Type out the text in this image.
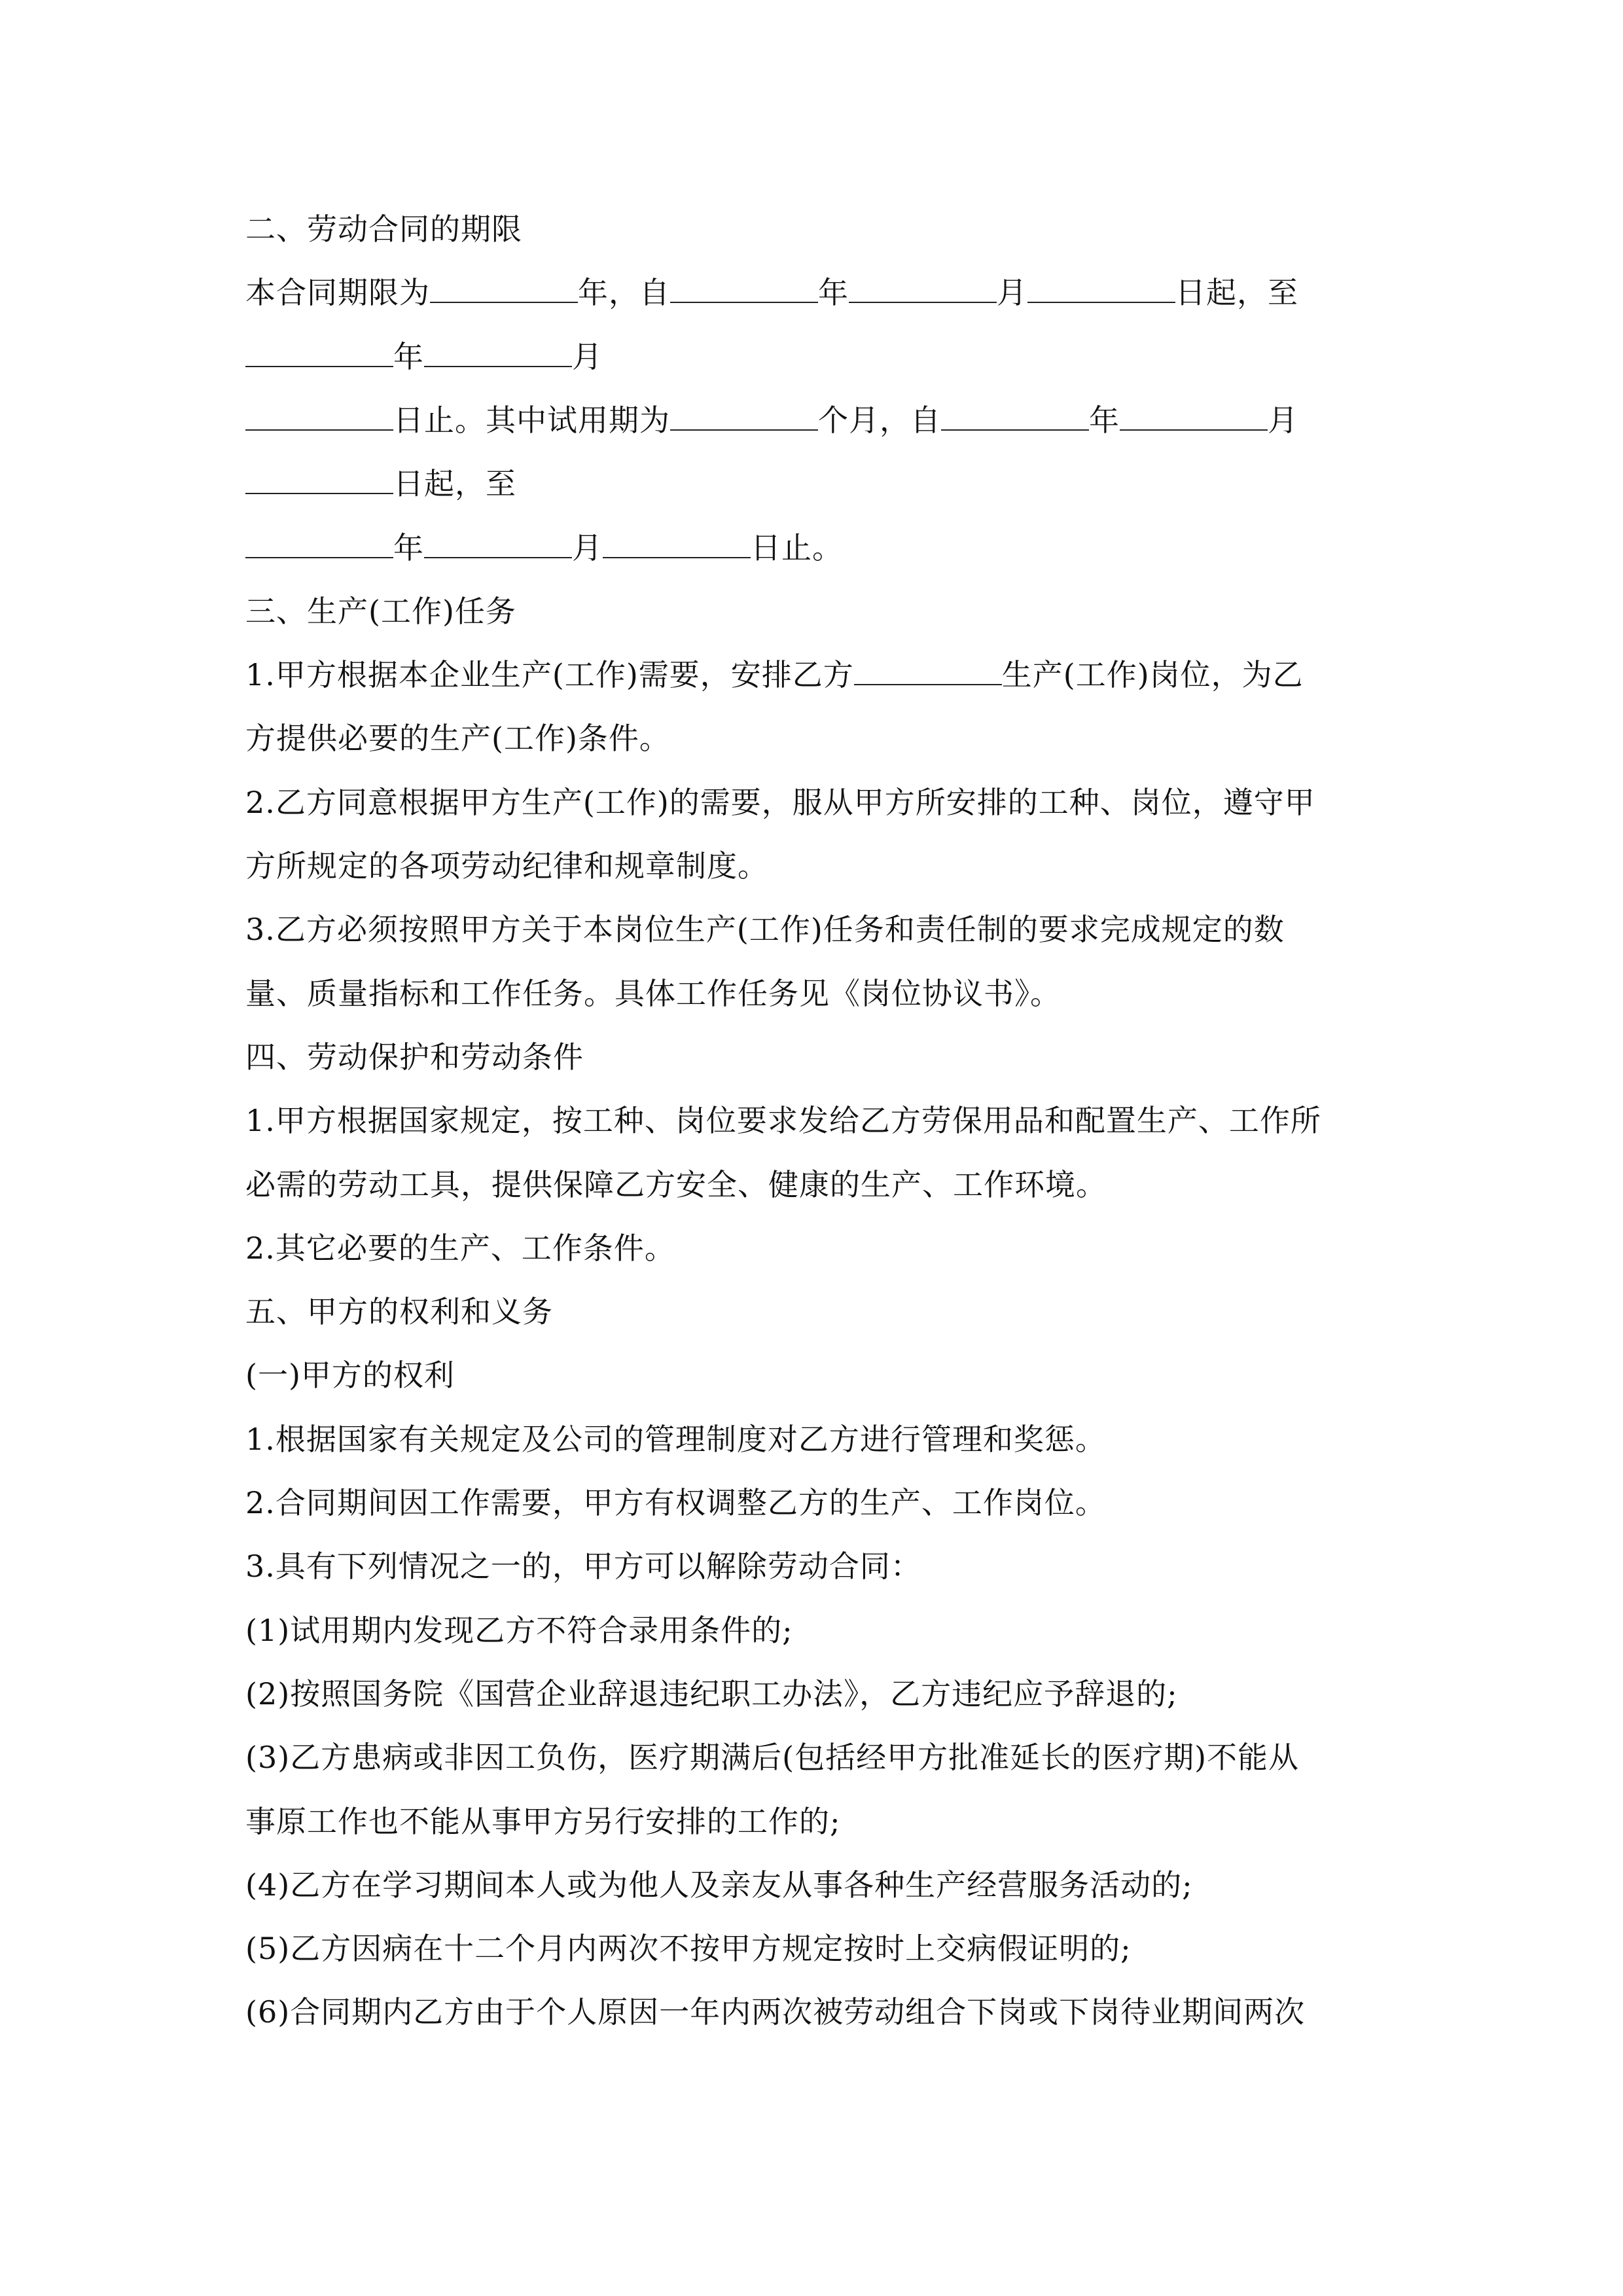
二、劳动合同的期限
本合同期限为	年，自	年	月	日起，至
年	月
日止。其中试用期为	个月，自	年	月
日起，至
年	月	日止。
三、生产(工作)任务
1.甲方根据本企业生产(工作)需要，安排乙方	生产(工作)岗位，为乙
方提供必要的生产(工作)条件。
2.乙方同意根据甲方生产(工作)的需要，服从甲方所安排的工种、岗位，遵守甲
方所规定的各项劳动纪律和规章制度。
3.乙方必须按照甲方关于本岗位生产(工作)任务和责任制的要求完成规定的数
量、质量指标和工作任务。具体工作任务见《岗位协议书》。
四、劳动保护和劳动条件
1.甲方根据国家规定，按工种、岗位要求发给乙方劳保用品和配置生产、工作所
必需的劳动工具，提供保障乙方安全、健康的生产、工作环境。
2.其它必要的生产、工作条件。
五、甲方的权利和义务
(一)甲方的权利
1.根据国家有关规定及公司的管理制度对乙方进行管理和奖惩。
2.合同期间因工作需要，甲方有权调整乙方的生产、工作岗位。
3.具有下列情况之一的，甲方可以解除劳动合同：
(1)试用期内发现乙方不符合录用条件的;
(2)按照国务院《国营企业辞退违纪职工办法》，乙方违纪应予辞退的;
(3)乙方患病或非因工负伤，医疗期满后(包括经甲方批准延长的医疗期)不能从
事原工作也不能从事甲方另行安排的工作的;
(4)乙方在学习期间本人或为他人及亲友从事各种生产经营服务活动的;
(5)乙方因病在十二个月内两次不按甲方规定按时上交病假证明的;
(6)合同期内乙方由于个人原因一年内两次被劳动组合下岗或下岗待业期间两次
